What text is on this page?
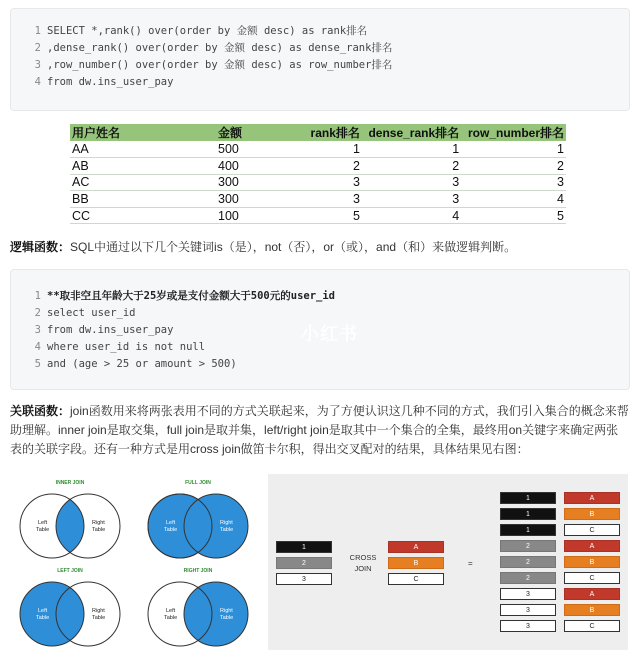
1 SELECT *,rank() over(order by 金额 desc) as rank排名
2 ,dense_rank() over(order by 金额 desc) as dense_rank排名
3 ,row_number() over(order by 金额 desc) as row_number排名
4 from dw.ins_user_pay
用户姓名	金额	rank排名	dense_rank排名	row_number排名
AA	500	1	1	1
AB	400	2	2	2
AC	300	3	3	3
BB	300	3	3	4
CC	100	5	4	5
逻辑函数：SQL中通过以下几个关键词is（是），not（否），or（或），and（和）来做逻辑判断。
小红书
1 **取非空且年龄大于25岁或是支付金额大于500元的user_id
2 select user_id
3 from dw.ins_user_pay
4 where user_id is not null
5 and (age > 25 or amount > 500)
关联函数：join函数用来将两张表用不同的方式关联起来，为了方便认识这几种不同的方式，我们引入集合的概念来帮助理解。inner join是取交集，full join是取并集，left/right join是取其中一个集合的全集，最终用on关键字来确定两张表的关联字段。还有一种方式是用cross join做笛卡尔积，得出交叉配对的结果，具体结果见右图：
INNER JOIN
Left
Table
Right
Table
FULL JOIN
Left
Table
Right
Table
LEFT JOIN
Left
Table
Right
Table
RIGHT JOIN
Left
Table
Right
Table
1
2
3
CROSS JOIN
A
B
C
=
1	A
1	B
1	C
2	A
2	B
2	C
3	A
3	B
3	C
